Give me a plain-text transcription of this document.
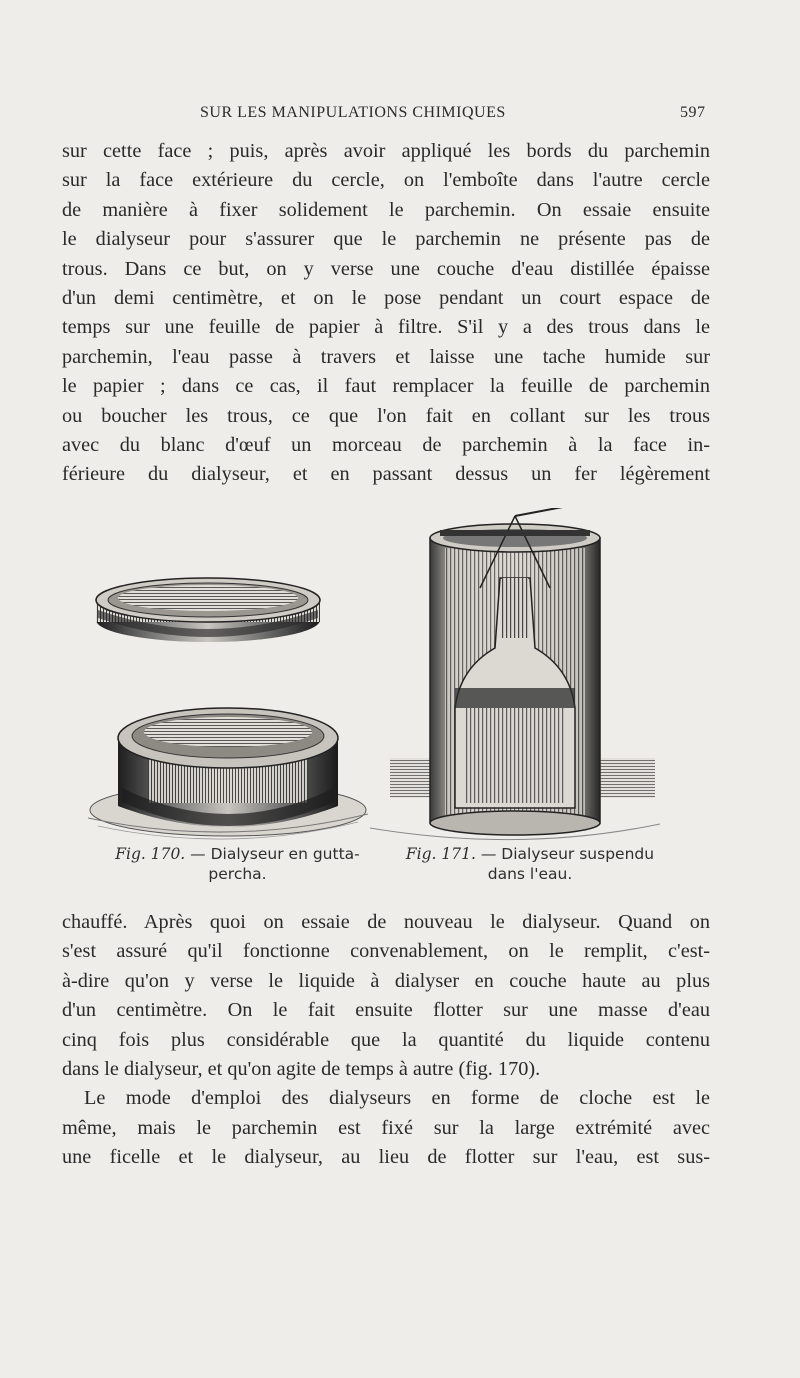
SUR LES MANIPULATIONS CHIMIQUES	597
sur cette face ; puis, après avoir appliqué les bords du parchemin
sur la face extérieure du cercle, on l'emboîte dans l'autre cercle
de manière à fixer solidement le parchemin. On essaie ensuite
le dialyseur pour s'assurer que le parchemin ne présente pas de
trous. Dans ce but, on y verse une couche d'eau distillée épaisse
d'un demi centimètre, et on le pose pendant un court espace de
temps sur une feuille de papier à filtre. S'il y a des trous dans le
parchemin, l'eau passe à travers et laisse une tache humide sur
le papier ; dans ce cas, il faut remplacer la feuille de parchemin
ou boucher les trous, ce que l'on fait en collant sur les trous
avec du blanc d'œuf un morceau de parchemin à la face in-
férieure du dialyseur, et en passant dessus un fer légèrement
Fig. 170. — Dialyseur en gutta-
percha.
Fig. 171. — Dialyseur suspendu
dans l'eau.
chauffé. Après quoi on essaie de nouveau le dialyseur. Quand on
s'est assuré qu'il fonctionne convenablement, on le remplit, c'est-
à-dire qu'on y verse le liquide à dialyser en couche haute au plus
d'un centimètre. On le fait ensuite flotter sur une masse d'eau
cinq fois plus considérable que la quantité du liquide contenu
dans le dialyseur, et qu'on agite de temps à autre (fig. 170).
Le mode d'emploi des dialyseurs en forme de cloche est le
même, mais le parchemin est fixé sur la large extrémité avec
une ficelle et le dialyseur, au lieu de flotter sur l'eau, est sus-
